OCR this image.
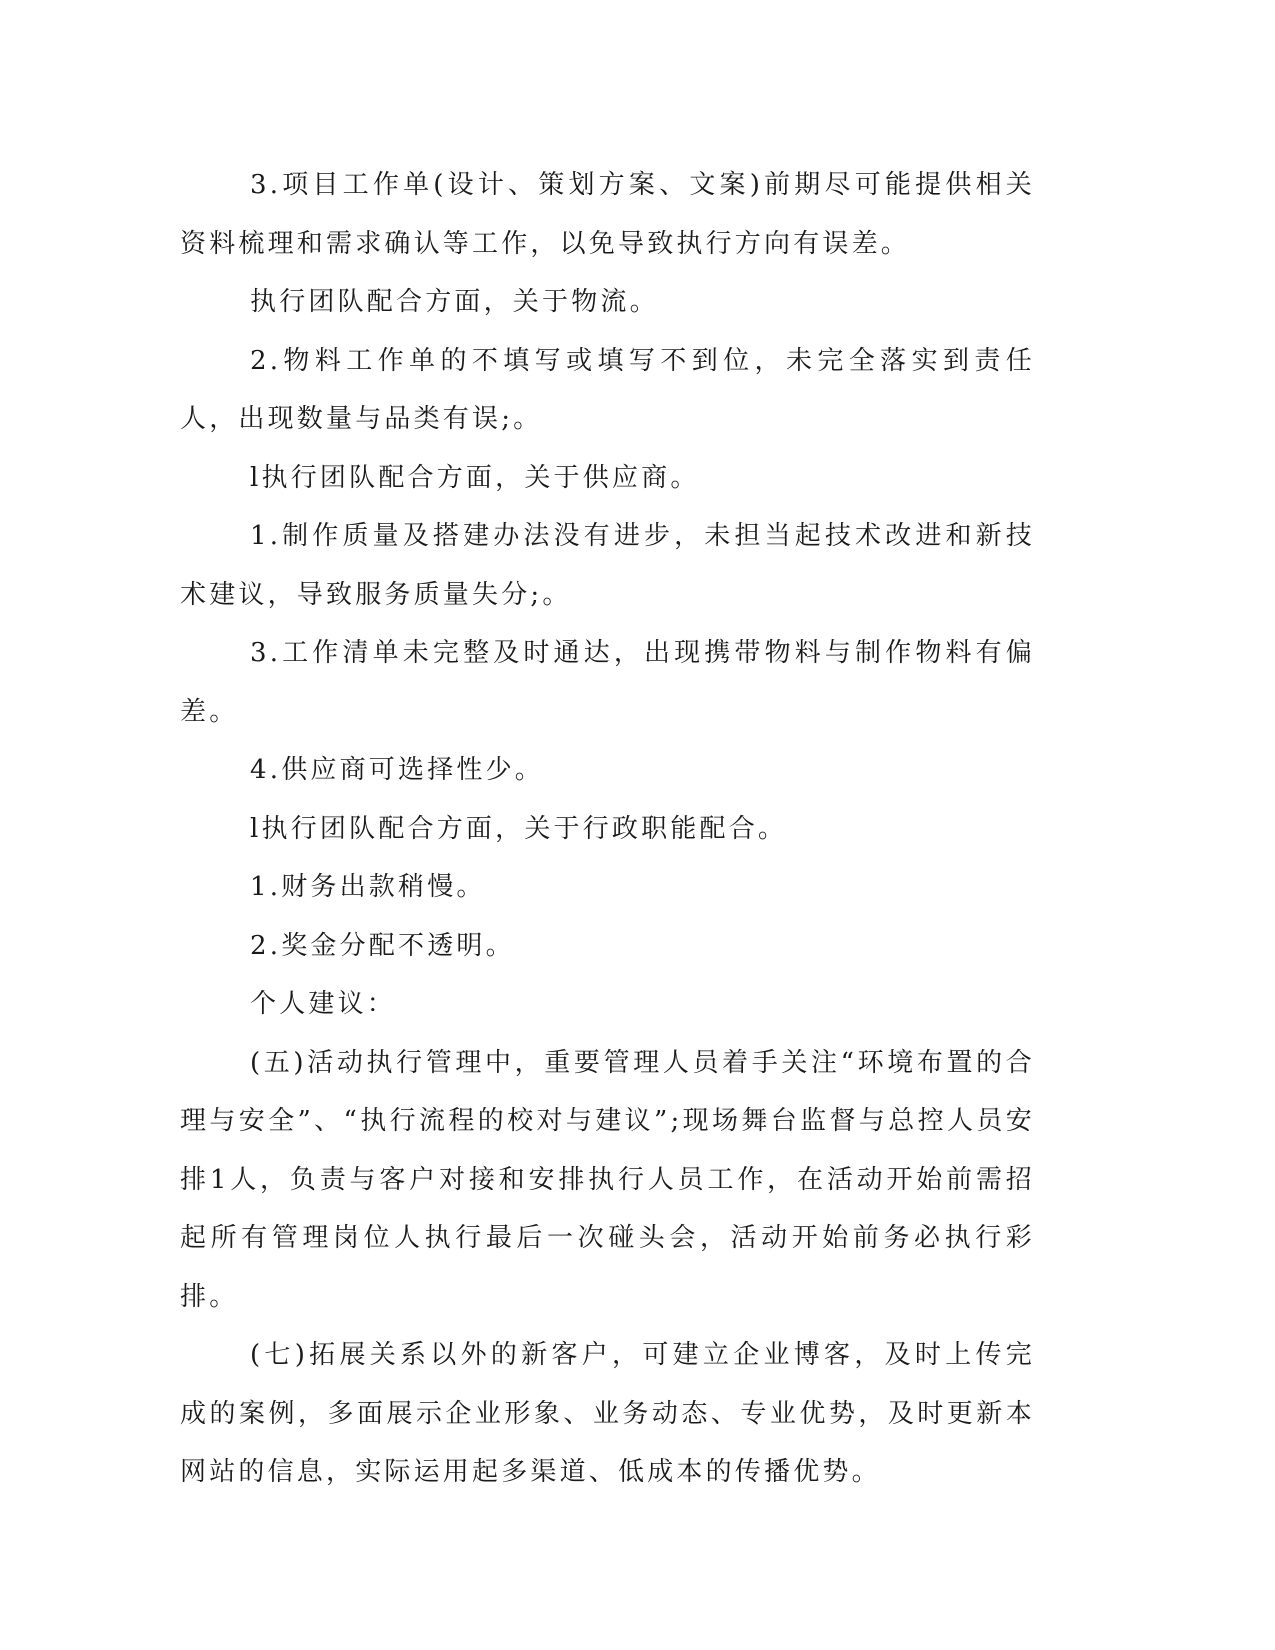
3.项目工作单(设计、策划方案、文案)前期尽可能提供相关资料梳理和需求确认等工作，以免导致执行方向有误差。

执行团队配合方面，关于物流。

2.物料工作单的不填写或填写不到位，未完全落实到责任人，出现数量与品类有误;。

l执行团队配合方面，关于供应商。

1.制作质量及搭建办法没有进步，未担当起技术改进和新技术建议，导致服务质量失分;。

3.工作清单未完整及时通达，出现携带物料与制作物料有偏差。

4.供应商可选择性少。

l执行团队配合方面，关于行政职能配合。

1.财务出款稍慢。

2.奖金分配不透明。

个人建议：

(五)活动执行管理中，重要管理人员着手关注“环境布置的合理与安全”、“执行流程的校对与建议”;现场舞台监督与总控人员安排1人，负责与客户对接和安排执行人员工作，在活动开始前需招起所有管理岗位人执行最后一次碰头会，活动开始前务必执行彩排。

(七)拓展关系以外的新客户，可建立企业博客，及时上传完成的案例，多面展示企业形象、业务动态、专业优势，及时更新本网站的信息，实际运用起多渠道、低成本的传播优势。
